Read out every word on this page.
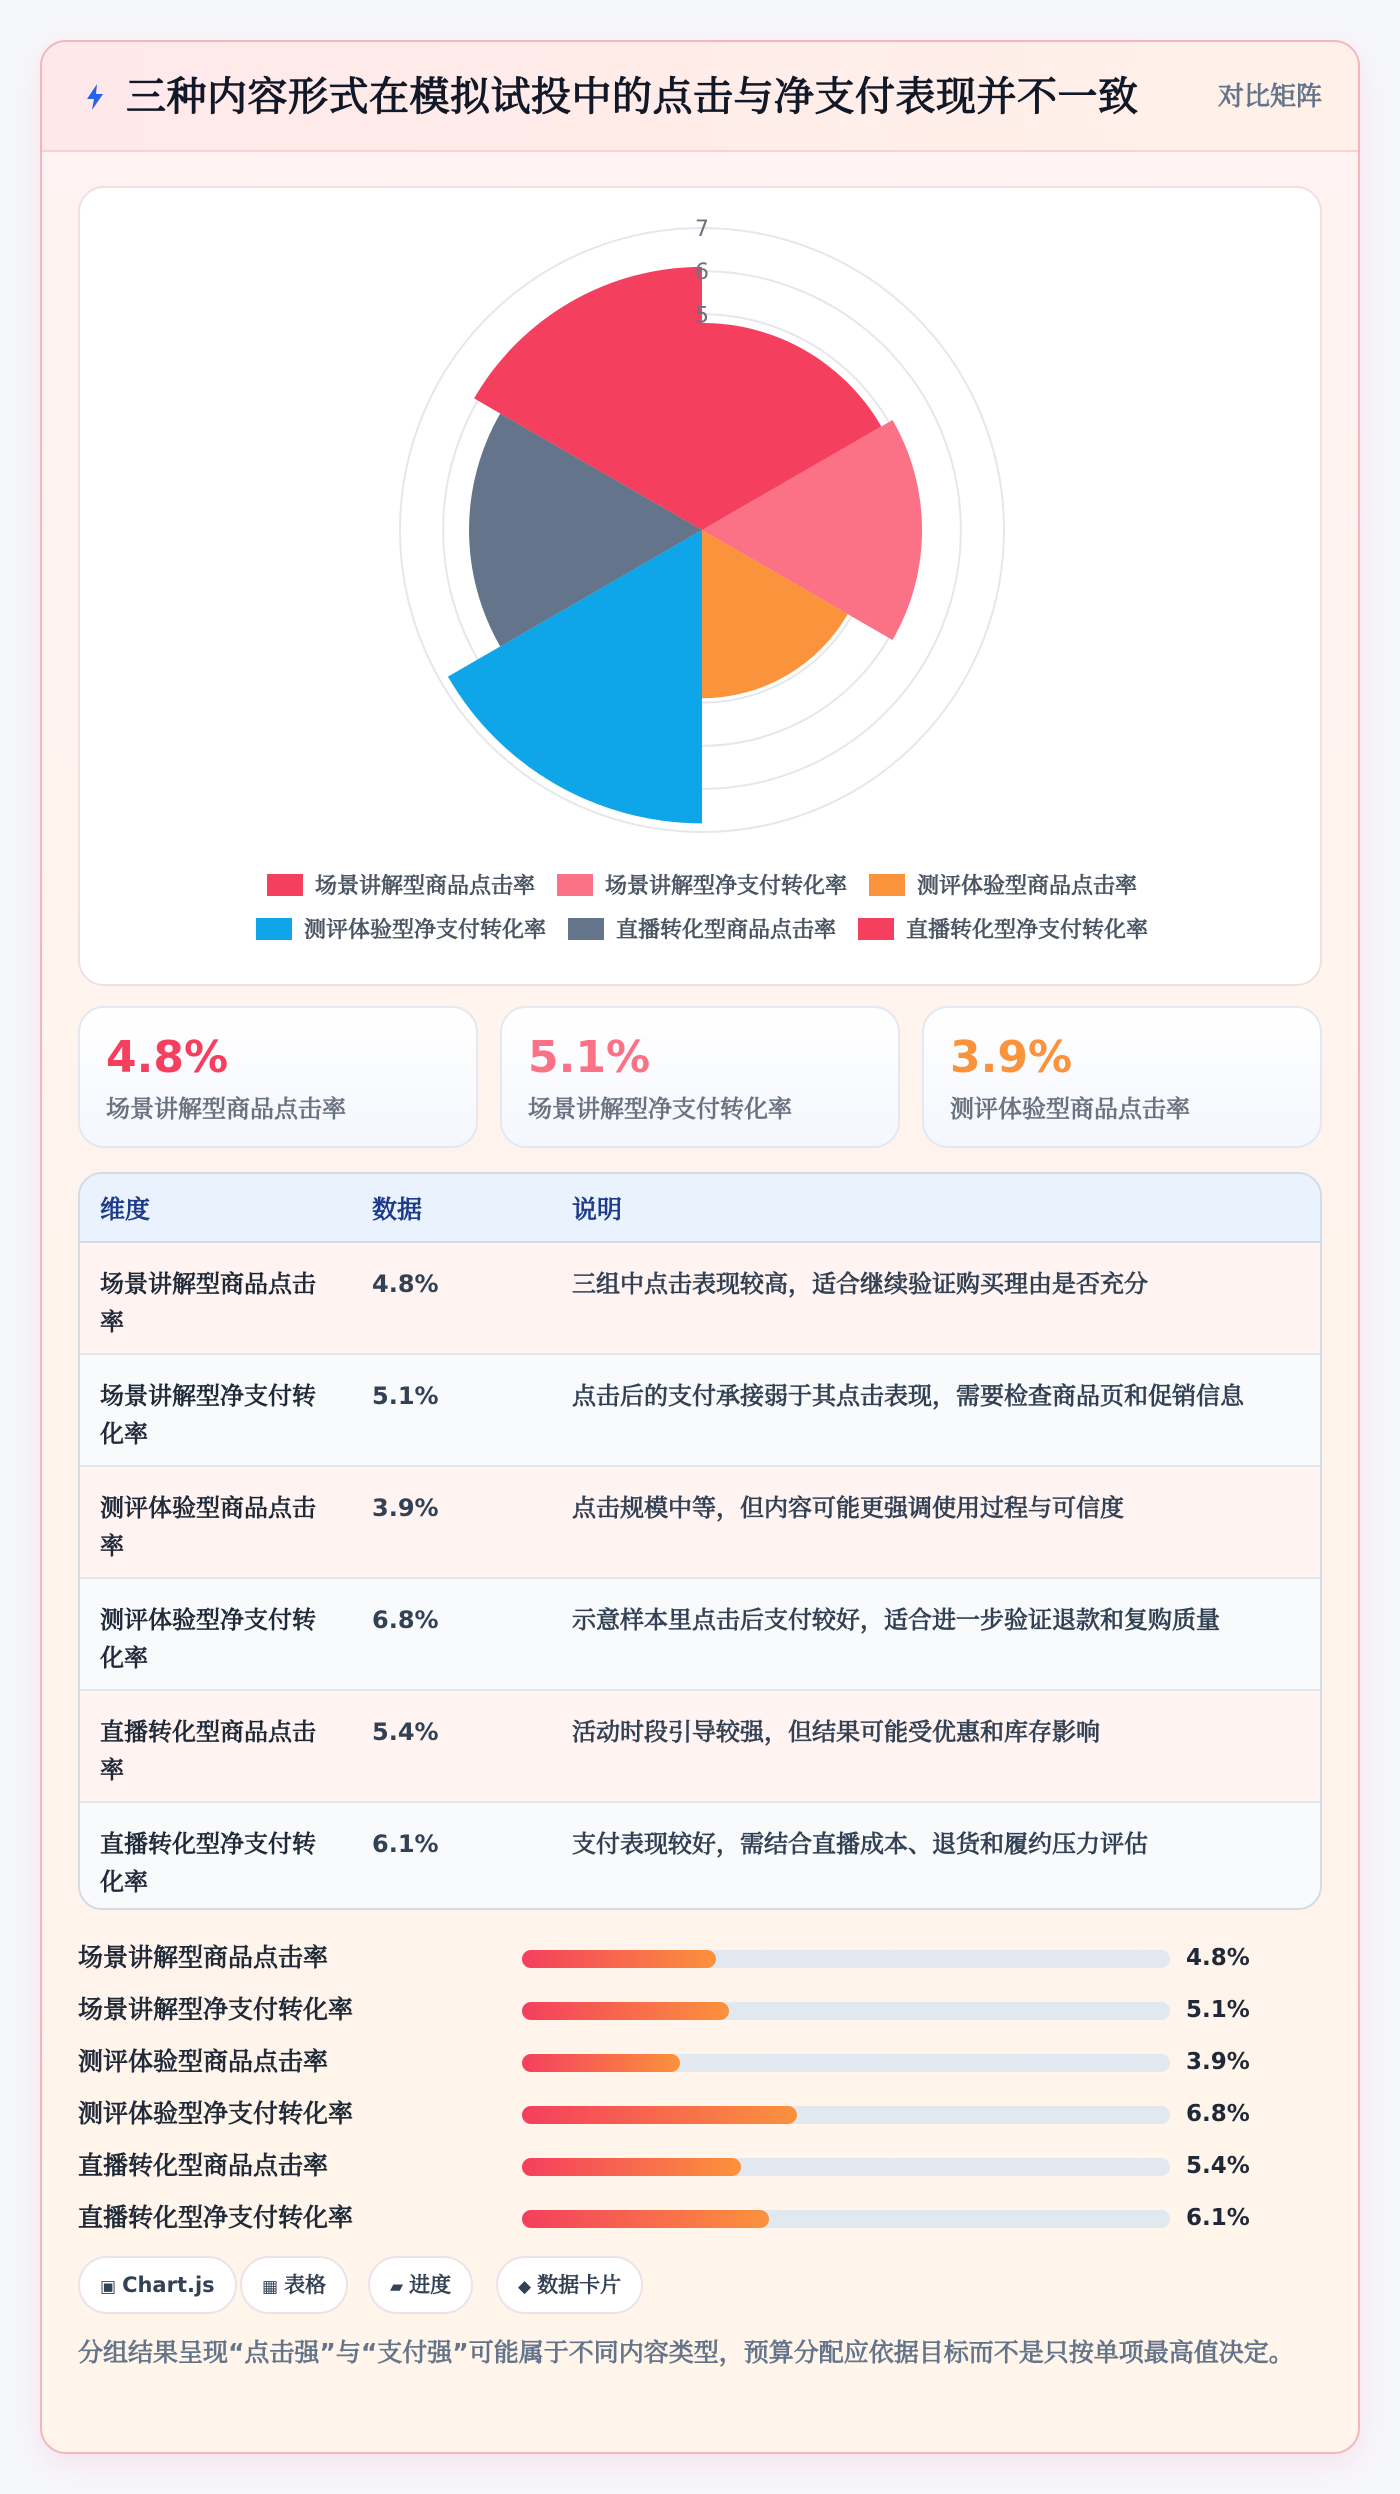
三种内容形式在模拟试投中的点击与净支付表现并不一致	对比矩阵
7
6
5
场景讲解型商品点击率	场景讲解型净支付转化率	测评体验型商品点击率
测评体验型净支付转化率	直播转化型商品点击率	直播转化型净支付转化率
4.8%
场景讲解型商品点击率
5.1%
场景讲解型净支付转化率
3.9%
测评体验型商品点击率
维度	数据	说明
场景讲解型商品点击率	4.8%	三组中点击表现较高，适合继续验证购买理由是否充分
场景讲解型净支付转化率	5.1%	点击后的支付承接弱于其点击表现，需要检查商品页和促销信息
测评体验型商品点击率	3.9%	点击规模中等，但内容可能更强调使用过程与可信度
测评体验型净支付转化率	6.8%	示意样本里点击后支付较好，适合进一步验证退款和复购质量
直播转化型商品点击率	5.4%	活动时段引导较强，但结果可能受优惠和库存影响
直播转化型净支付转化率	6.1%	支付表现较好，需结合直播成本、退货和履约压力评估
场景讲解型商品点击率	4.8%
场景讲解型净支付转化率	5.1%
测评体验型商品点击率	3.9%
测评体验型净支付转化率	6.8%
直播转化型商品点击率	5.4%
直播转化型净支付转化率	6.1%
▣ Chart.js	▦ 表格	▰ 进度	◆ 数据卡片
分组结果呈现“点击强”与“支付强”可能属于不同内容类型，预算分配应依据目标而不是只按单项最高值决定。
